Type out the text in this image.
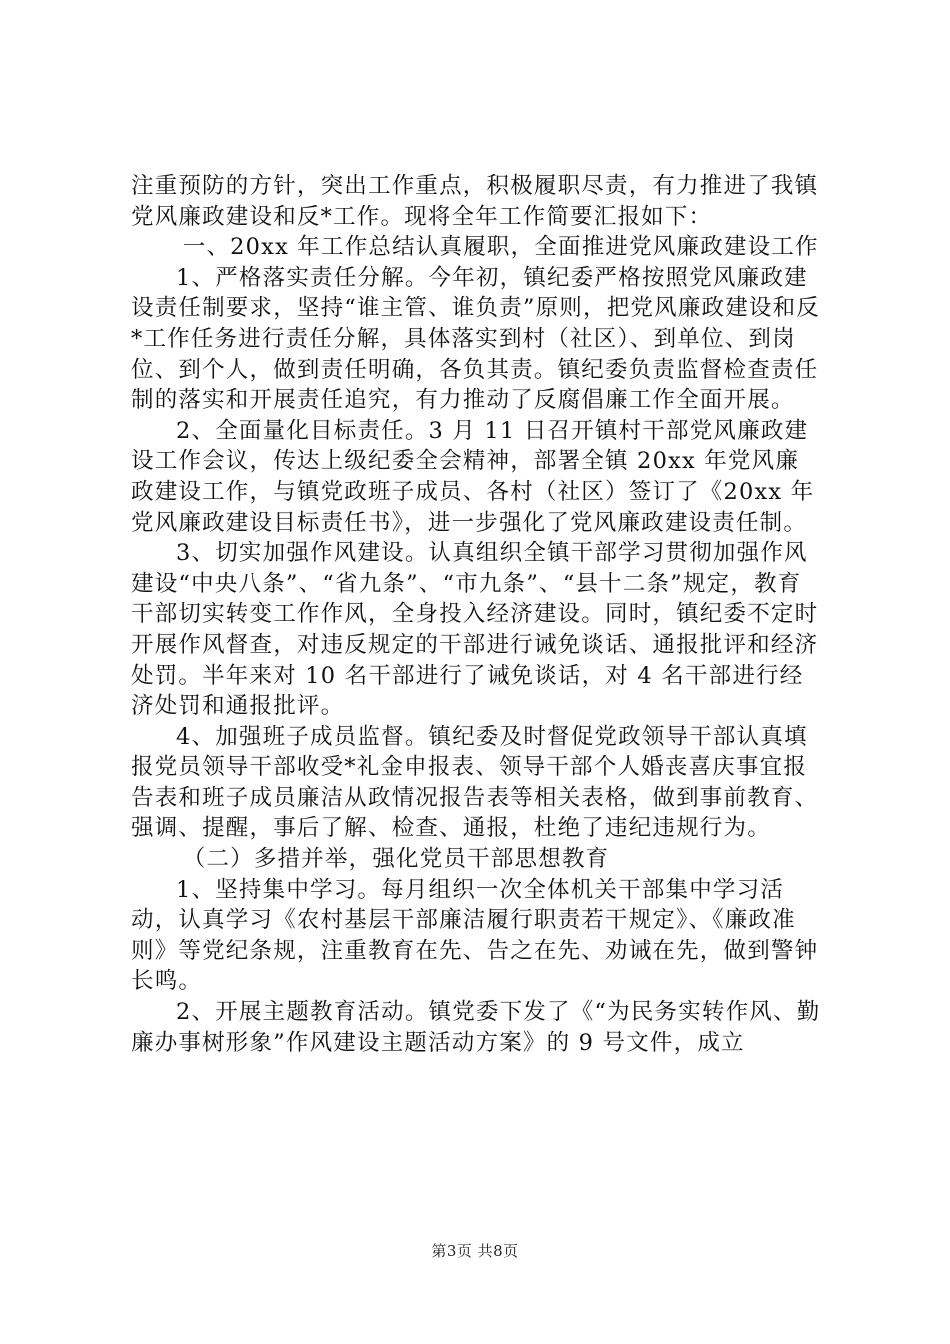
注重预防的方针，突出工作重点，积极履职尽责，有力推进了我镇党风廉政建设和反*工作。现将全年工作简要汇报如下：

一、20xx 年工作总结认真履职，全面推进党风廉政建设工作

1、严格落实责任分解。今年初，镇纪委严格按照党风廉政建设责任制要求，坚持“谁主管、谁负责”原则，把党风廉政建设和反*工作任务进行责任分解，具体落实到村（社区）、到单位、到岗位、到个人，做到责任明确，各负其责。镇纪委负责监督检查责任制的落实和开展责任追究，有力推动了反腐倡廉工作全面开展。

2、全面量化目标责任。3 月 11 日召开镇村干部党风廉政建设工作会议，传达上级纪委全会精神，部署全镇 20xx 年党风廉政建设工作，与镇党政班子成员、各村（社区）签订了《20xx 年党风廉政建设目标责任书》，进一步强化了党风廉政建设责任制。

3、切实加强作风建设。认真组织全镇干部学习贯彻加强作风建设“中央八条”、“省九条”、“市九条”、“县十二条”规定，教育干部切实转变工作作风，全身投入经济建设。同时，镇纪委不定时开展作风督查，对违反规定的干部进行诫免谈话、通报批评和经济处罚。半年来对 10 名干部进行了诫免谈话，对 4 名干部进行经济处罚和通报批评。

4、加强班子成员监督。镇纪委及时督促党政领导干部认真填报党员领导干部收受*礼金申报表、领导干部个人婚丧喜庆事宜报告表和班子成员廉洁从政情况报告表等相关表格，做到事前教育、强调、提醒，事后了解、检查、通报，杜绝了违纪违规行为。

（二）多措并举，强化党员干部思想教育

1、坚持集中学习。每月组织一次全体机关干部集中学习活动，认真学习《农村基层干部廉洁履行职责若干规定》、《廉政准则》等党纪条规，注重教育在先、告之在先、劝诫在先，做到警钟长鸣。

2、开展主题教育活动。镇党委下发了《“为民务实转作风、勤廉办事树形象”作风建设主题活动方案》的 9 号文件，成立

第3页 共8页
